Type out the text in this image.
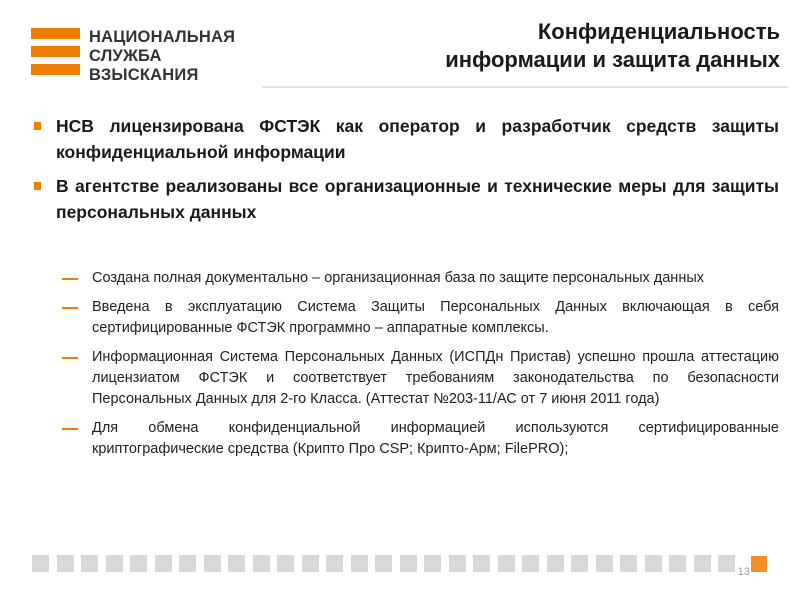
НАЦИОНАЛЬНАЯ
СЛУЖБА
ВЗЫСКАНИЯ
Конфиденциальность
информации и защита данных
НСВ лицензирована ФСТЭК как оператор и разработчик средств защиты конфиденциальной информации
В агентстве реализованы все организационные и технические меры для защиты персональных данных
Создана полная документально – организационная база по защите персональных данных
Введена в эксплуатацию Система Защиты Персональных Данных включающая в себя сертифицированные ФСТЭК программно – аппаратные комплексы.
Информационная Система Персональных Данных (ИСПДн Пристав) успешно прошла аттестацию лицензиатом ФСТЭК и соответствует требованиям законодательства по безопасности Персональных Данных для 2-го Класса. (Аттестат №203-11/АС от 7 июня 2011 года)
Для обмена конфиденциальной информацией используются сертифицированные криптографические средства (Крипто Про CSP; Крипто-Арм; FilePRO);
13
